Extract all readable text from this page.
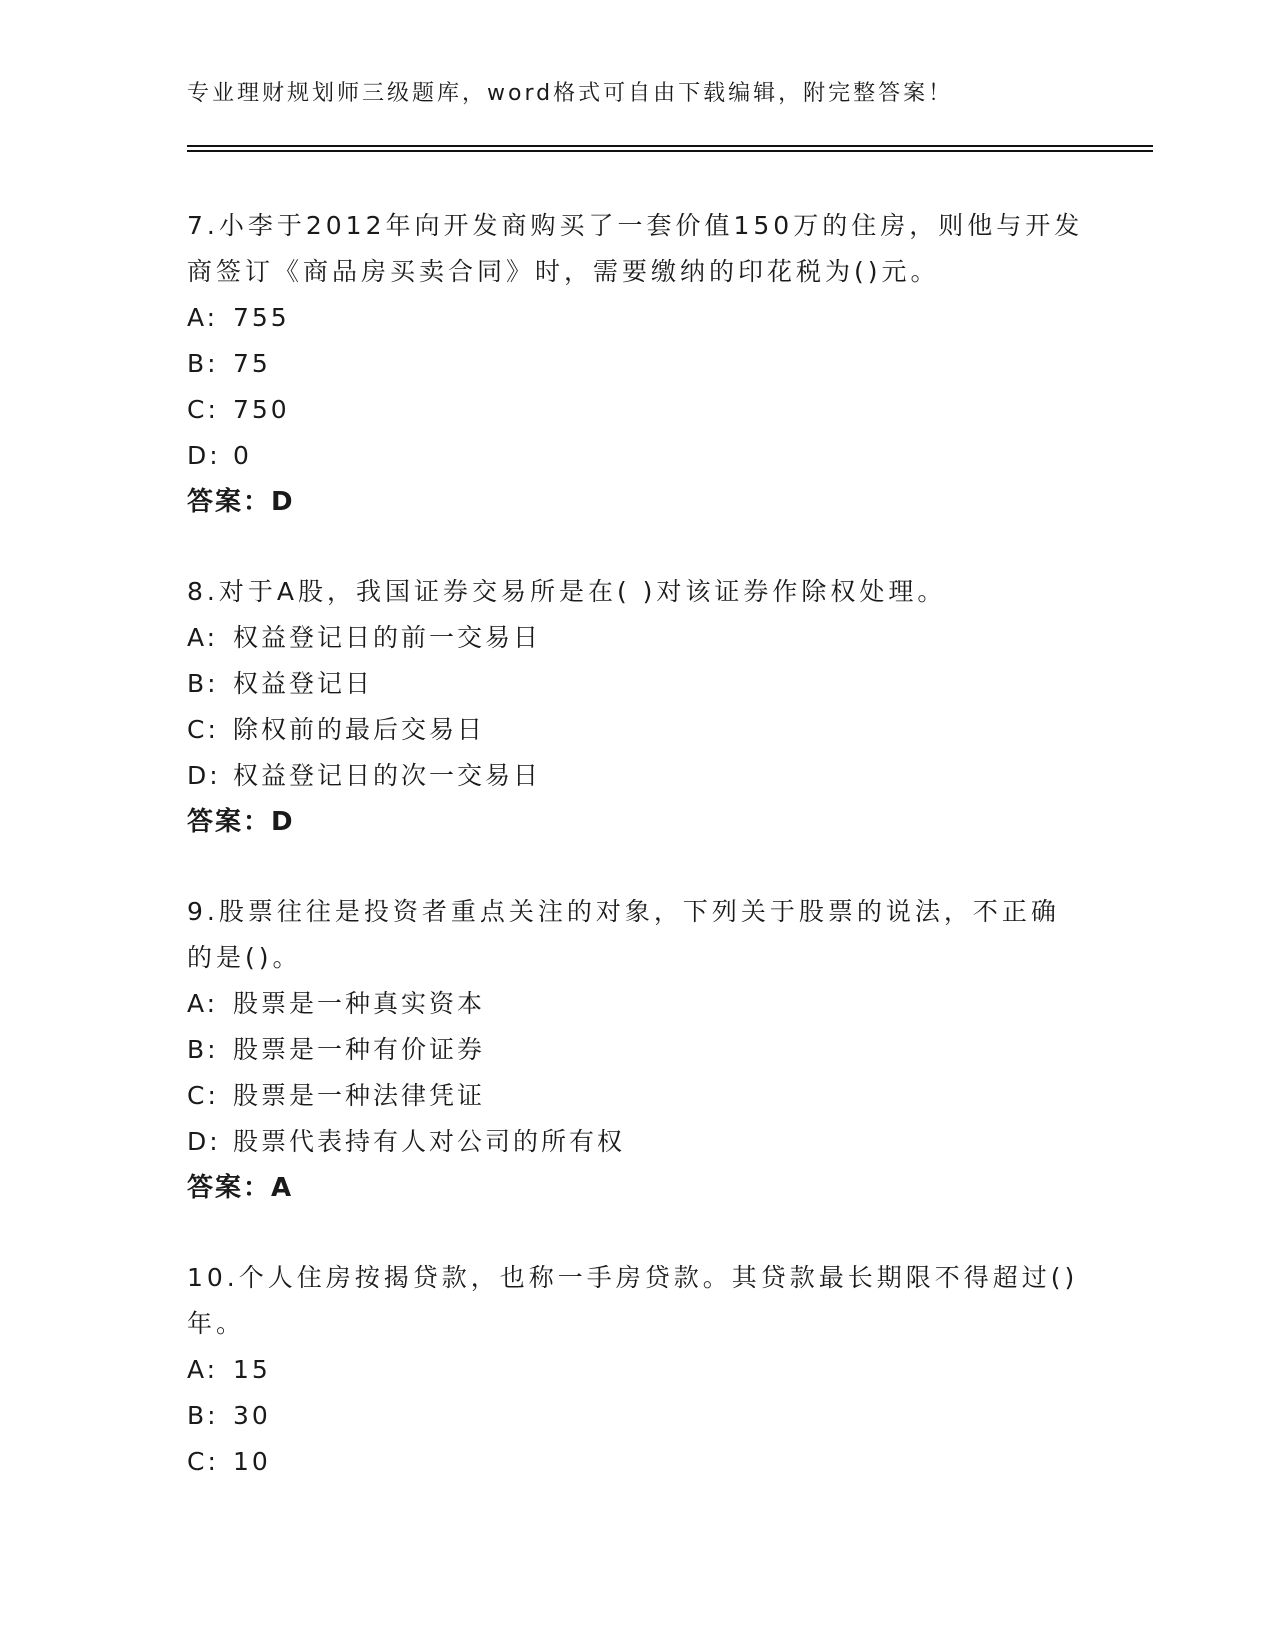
专业理财规划师三级题库，word格式可自由下载编辑，附完整答案！

7.小李于2012年向开发商购买了一套价值150万的住房，则他与开发商签订《商品房买卖合同》时，需要缴纳的印花税为()元。

A: 755

B: 75

C: 750

D: 0

答案：D

8.对于A股，我国证券交易所是在( )对该证券作除权处理。

A: 权益登记日的前一交易日

B: 权益登记日

C: 除权前的最后交易日

D: 权益登记日的次一交易日

答案：D

9.股票往往是投资者重点关注的对象，下列关于股票的说法，不正确的是()。

A: 股票是一种真实资本

B: 股票是一种有价证券

C: 股票是一种法律凭证

D: 股票代表持有人对公司的所有权

答案：A

10.个人住房按揭贷款，也称一手房贷款。其贷款最长期限不得超过()年。

A: 15

B: 30

C: 10
